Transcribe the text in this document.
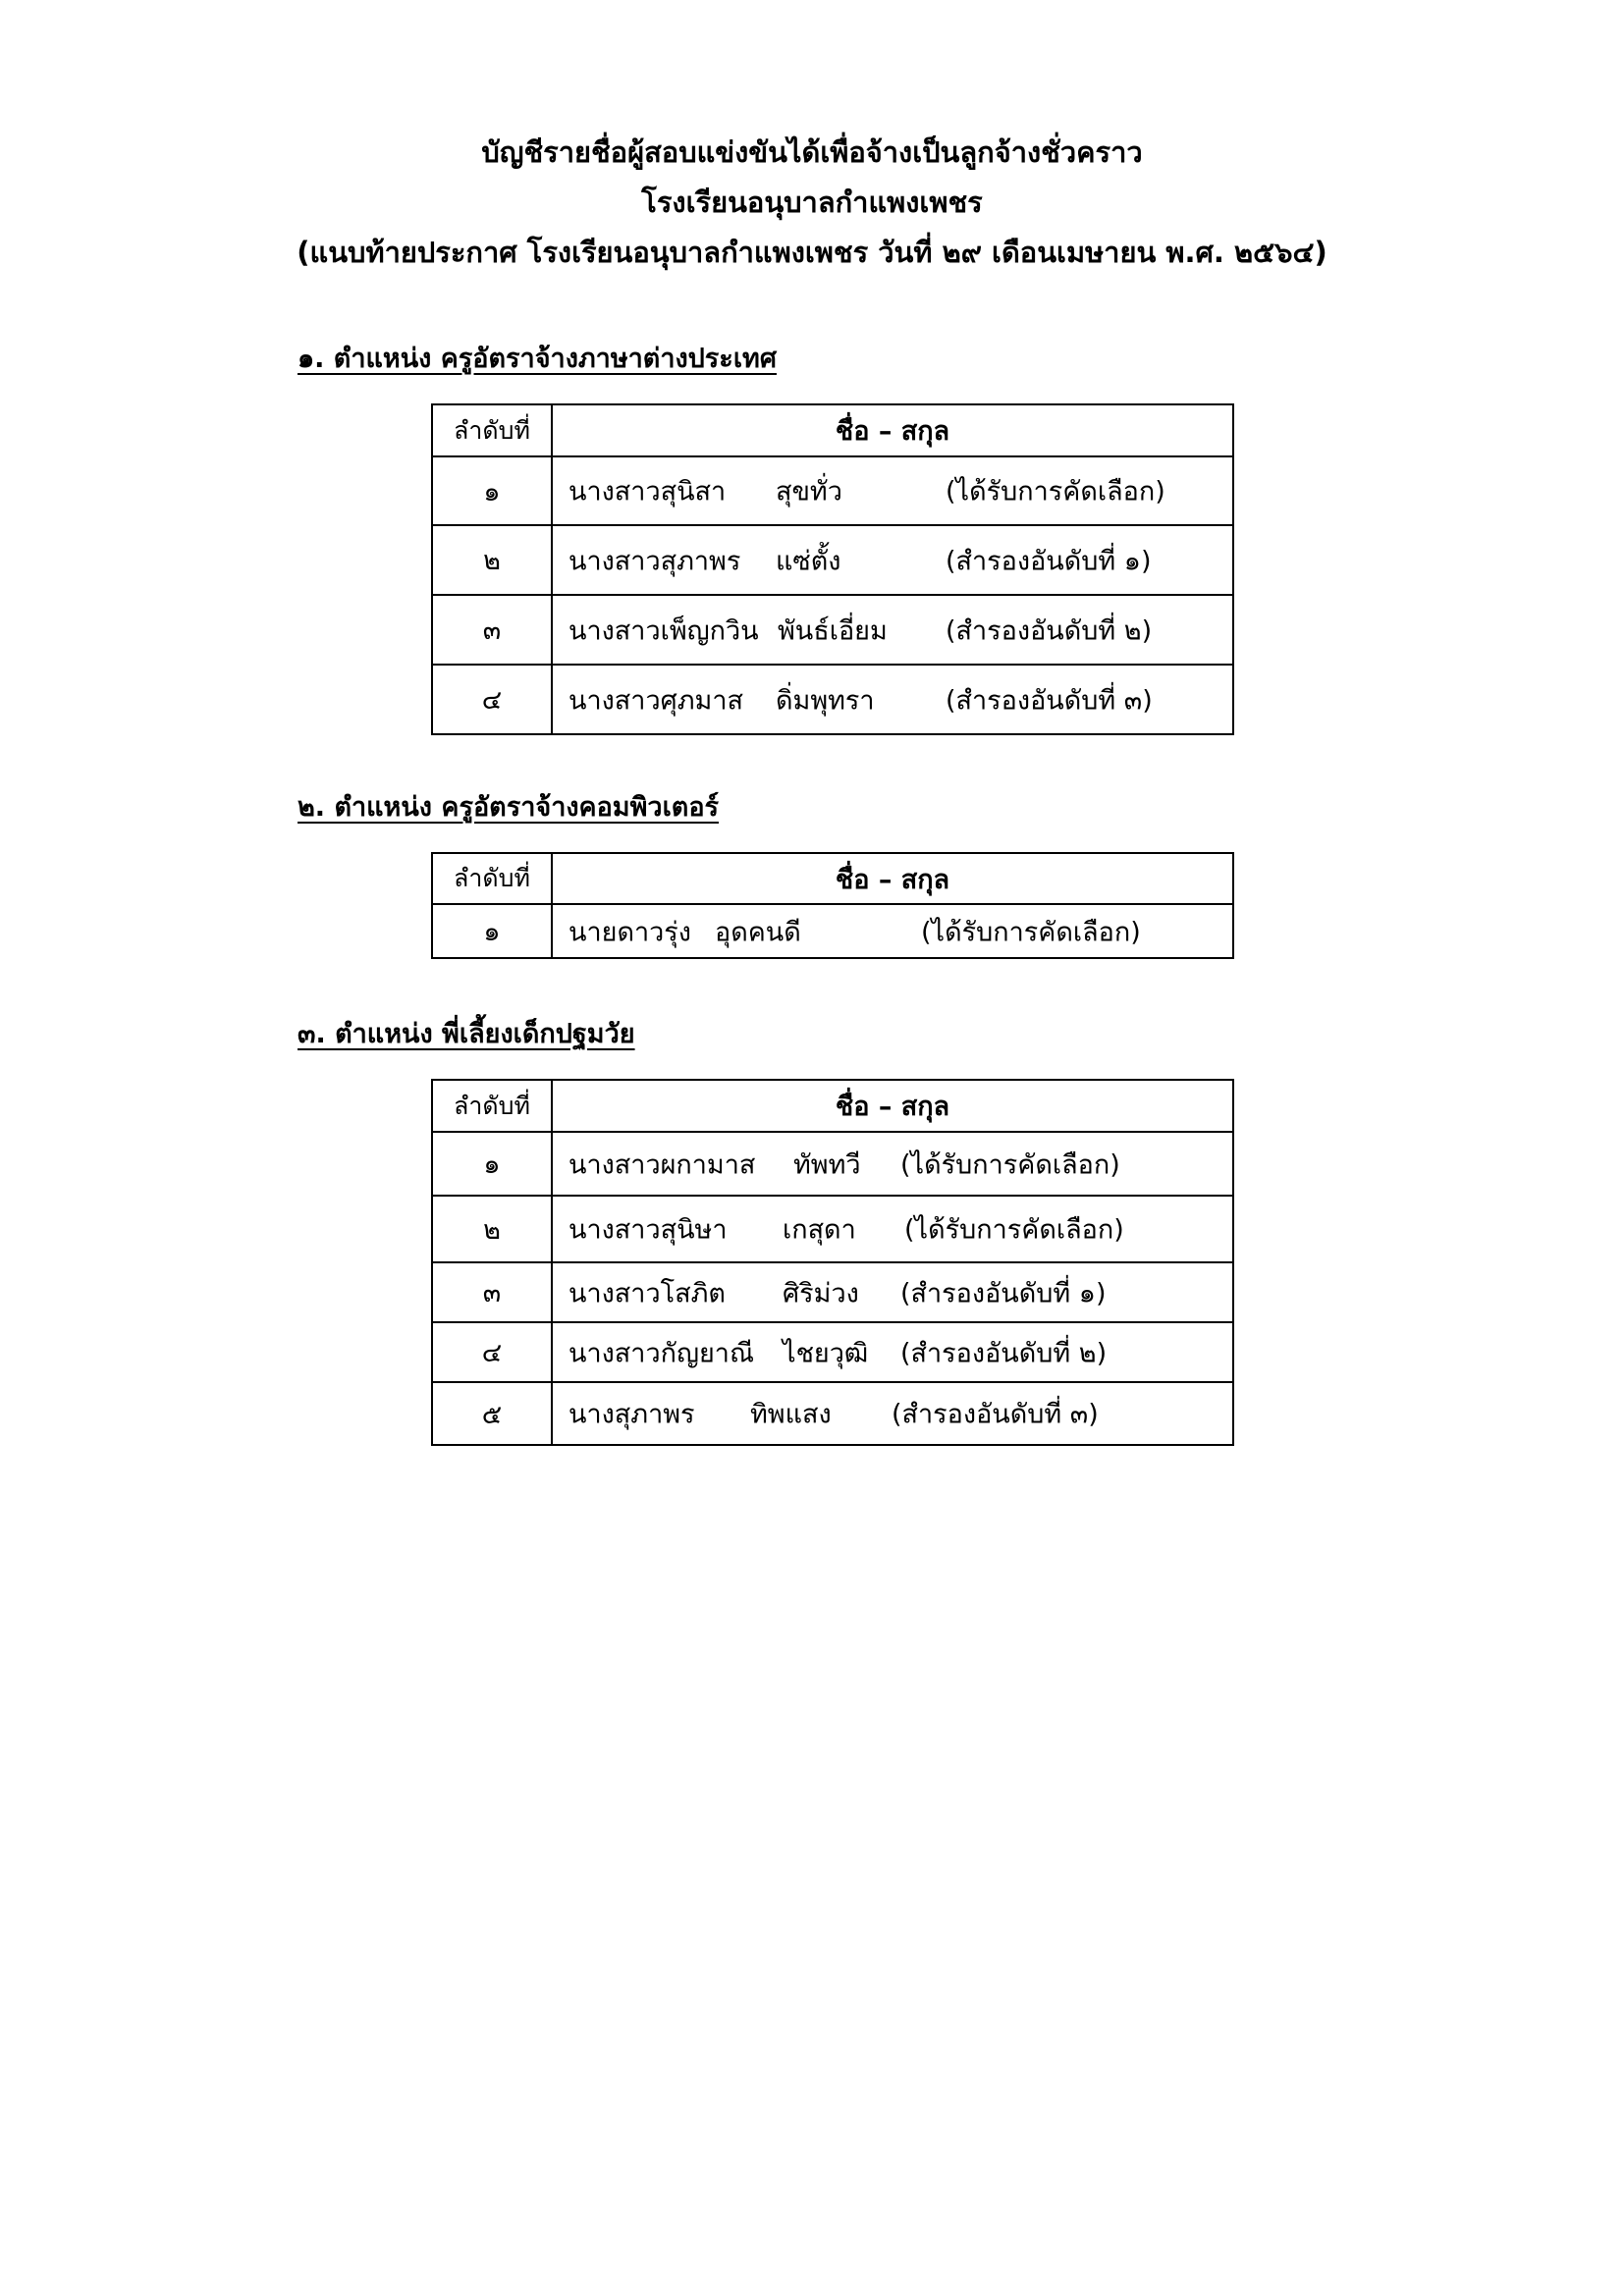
บัญชีรายชื่อผู้สอบแข่งขันได้เพื่อจ้างเป็นลูกจ้างชั่วคราว
โรงเรียนอนุบาลกำแพงเพชร
(แนบท้ายประกาศ โรงเรียนอนุบาลกำแพงเพชร วันที่ ๒๙ เดือนเมษายน พ.ศ. ๒๕๖๔)
๑. ตำแหน่ง ครูอัตราจ้างภาษาต่างประเทศ
ลำดับที่	ชื่อ – สกุล
๑	นางสาวสุนิสา สุขทั่ว (ได้รับการคัดเลือก)

๒	นางสาวสุภาพร แซ่ตั้ง (สำรองอันดับที่ ๑)

๓	นางสาวเพ็ญกวิน พันธ์เอี่ยม (สำรองอันดับที่ ๒)

๔	นางสาวศุภมาส ดิ่มพุทรา (สำรองอันดับที่ ๓)
๒. ตำแหน่ง ครูอัตราจ้างคอมพิวเตอร์
ลำดับที่	ชื่อ – สกุล
๑	นายดาวรุ่ง อุดคนดี (ได้รับการคัดเลือก)
๓. ตำแหน่ง พี่เลี้ยงเด็กปฐมวัย
ลำดับที่	ชื่อ – สกุล
๑	นางสาวผกามาส ทัพทวี (ได้รับการคัดเลือก)

๒	นางสาวสุนิษา เกสุดา (ได้รับการคัดเลือก)

๓	นางสาวโสภิต ศิริม่วง (สำรองอันดับที่ ๑)

๔	นางสาวกัญยาณี ไชยวุฒิ (สำรองอันดับที่ ๒)

๕	นางสุภาพร ทิพแสง (สำรองอันดับที่ ๓)
